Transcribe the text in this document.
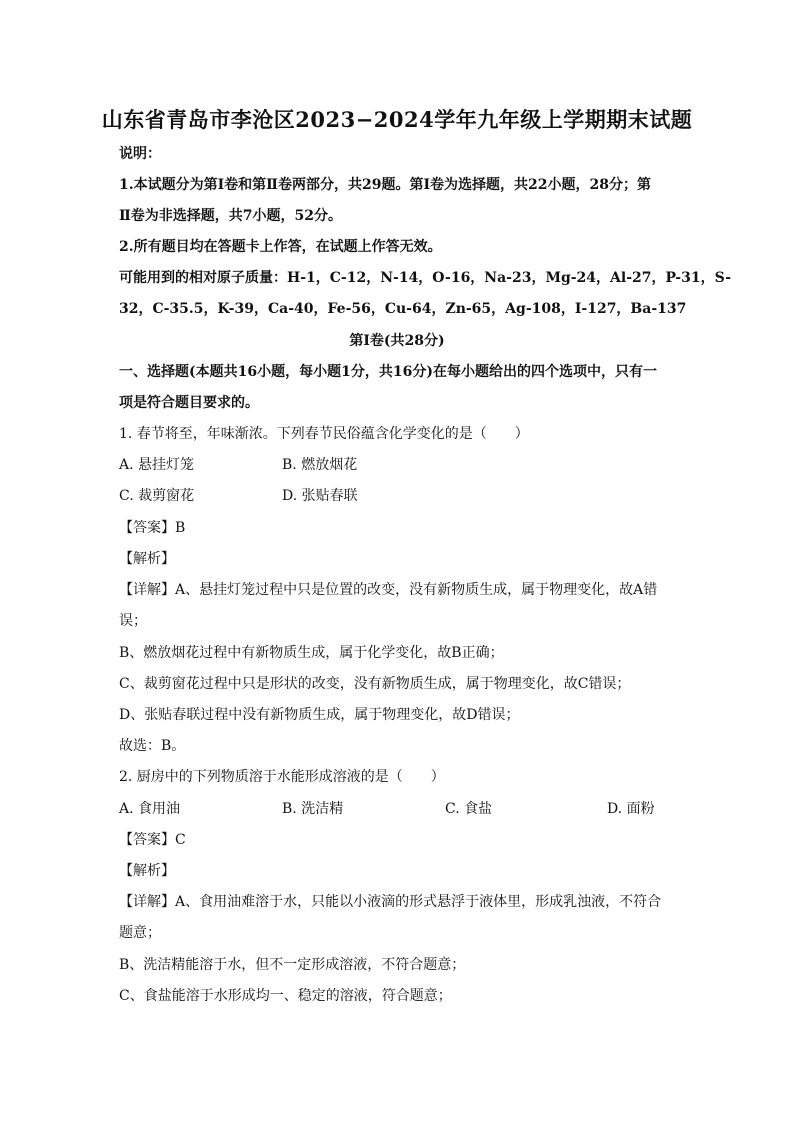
山东省青岛市李沧区2023−2024学年九年级上学期期末试题
说明：
1.本试题分为第Ⅰ卷和第Ⅱ卷两部分，共29题。第Ⅰ卷为选择题，共22小题，28分；第
Ⅱ卷为非选择题，共7小题，52分。
2.所有题目均在答题卡上作答，在试题上作答无效。
可能用到的相对原子质量：H-1，C-12，N-14，O-16，Na-23，Mg-24，Al-27，P-31，S-
32，C-35.5，K-39，Ca-40，Fe-56，Cu-64，Zn-65，Ag-108，I-127，Ba-137
第Ⅰ卷(共28分)
一、选择题(本题共16小题，每小题1分，共16分)在每小题给出的四个选项中，只有一
项是符合题目要求的。
1. 春节将至，年味渐浓。下列春节民俗蕴含化学变化的是（　　）
A. 悬挂灯笼	B. 燃放烟花
C. 裁剪窗花	D. 张贴春联
【答案】B
【解析】
【详解】A、悬挂灯笼过程中只是位置的改变，没有新物质生成，属于物理变化，故A错
误；
B、燃放烟花过程中有新物质生成，属于化学变化，故B正确；
C、裁剪窗花过程中只是形状的改变，没有新物质生成，属于物理变化，故C错误；
D、张贴春联过程中没有新物质生成，属于物理变化，故D错误；
故选：B。
2. 厨房中的下列物质溶于水能形成溶液的是（　　）
A. 食用油	B. 洗洁精	C. 食盐	D. 面粉
【答案】C
【解析】
【详解】A、食用油难溶于水，只能以小液滴的形式悬浮于液体里，形成乳浊液，不符合
题意；
B、洗洁精能溶于水，但不一定形成溶液，不符合题意；
C、食盐能溶于水形成均一、稳定的溶液，符合题意；
